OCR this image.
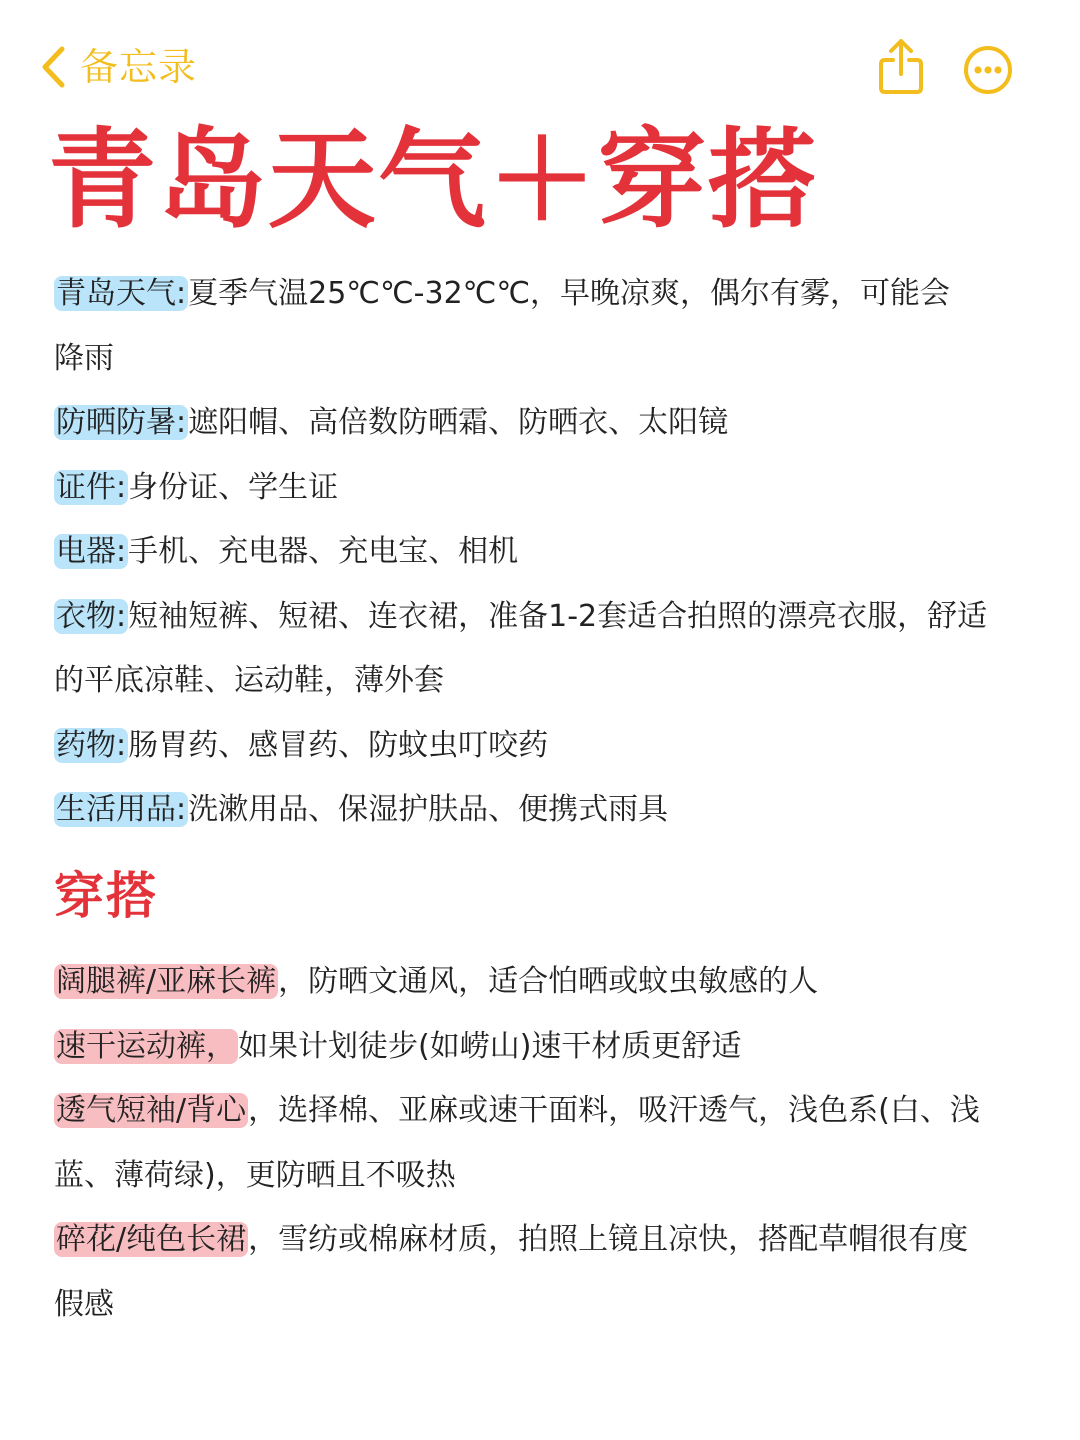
备忘录
青岛天气＋穿搭
青岛天气:夏季气温25℃℃-32℃℃，早晚凉爽，偶尔有雾，可能会
降雨
防晒防暑:遮阳帽、高倍数防晒霜、防晒衣、太阳镜
证件:身份证、学生证
电器:手机、充电器、充电宝、相机
衣物:短袖短裤、短裙、连衣裙，准备1-2套适合拍照的漂亮衣服，舒适
的平底凉鞋、运动鞋，薄外套
药物:肠胃药、感冒药、防蚊虫叮咬药
生活用品:洗漱用品、保湿护肤品、便携式雨具
穿搭
阔腿裤/亚麻长裤，防晒文通风，适合怕晒或蚊虫敏感的人
速干运动裤，如果计划徒步(如崂山)速干材质更舒适
透气短袖/背心，选择棉、亚麻或速干面料，吸汗透气，浅色系(白、浅
蓝、薄荷绿)，更防晒且不吸热
碎花/纯色长裙，雪纺或棉麻材质，拍照上镜且凉快，搭配草帽很有度
假感
